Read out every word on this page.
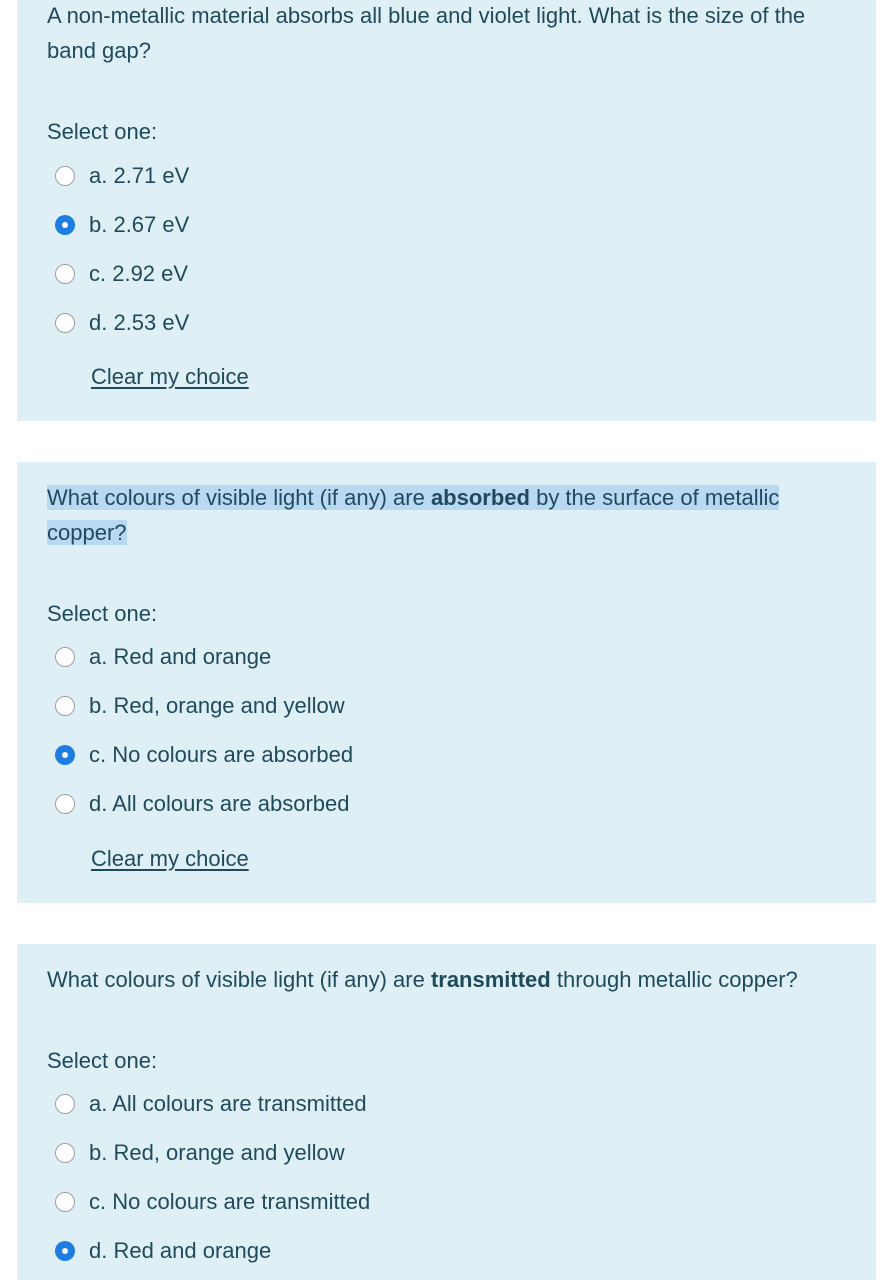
A non-metallic material absorbs all blue and violet light. What is the size of the band gap?

Select one:
a. 2.71 eV
b. 2.67 eV
c. 2.92 eV
d. 2.53 eV
Clear my choice

What colours of visible light (if any) are absorbed by the surface of metallic copper?

Select one:
a. Red and orange
b. Red, orange and yellow
c. No colours are absorbed
d. All colours are absorbed
Clear my choice

What colours of visible light (if any) are transmitted through metallic copper?

Select one:
a. All colours are transmitted
b. Red, orange and yellow
c. No colours are transmitted
d. Red and orange
